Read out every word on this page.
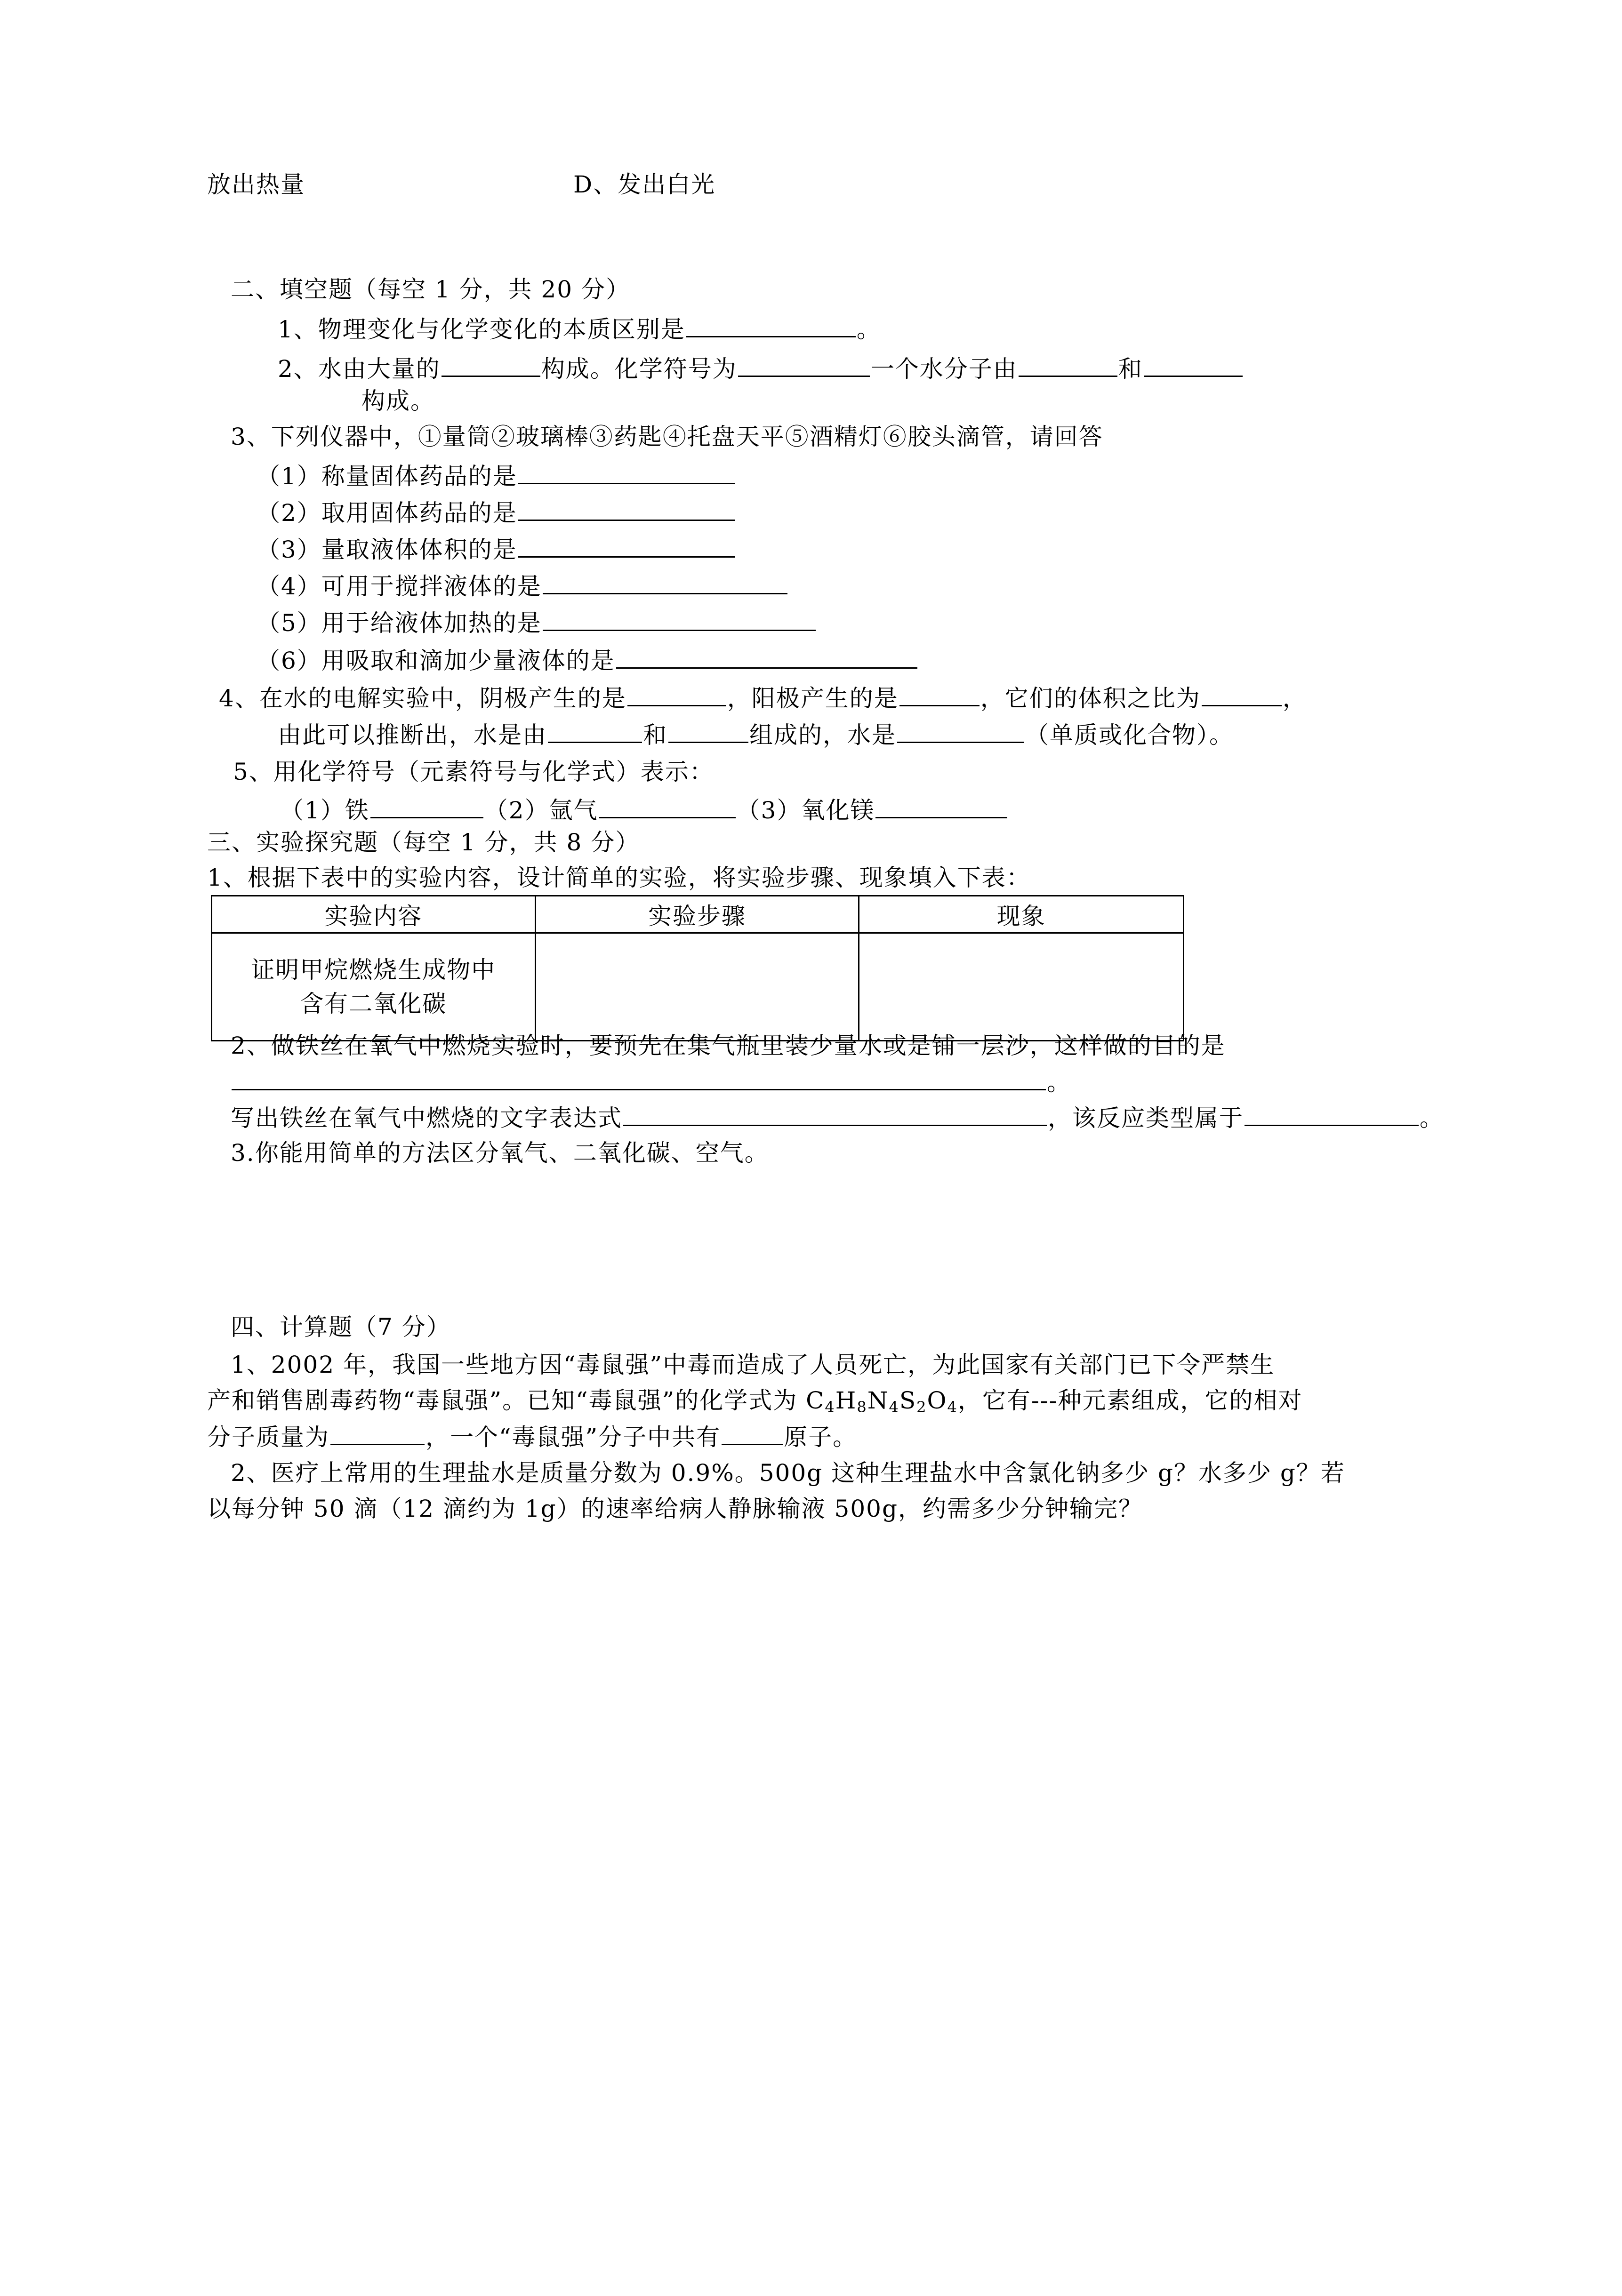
放出热量	D、发出白光
二、填空题（每空 1 分，共 20 分）
1、物理变化与化学变化的本质区别是	。
2、水由大量的	构成。化学符号为	一个水分子由	和
构成。
3、下列仪器中，①量筒②玻璃棒③药匙④托盘天平⑤酒精灯⑥胶头滴管，请回答
（1）称量固体药品的是
（2）取用固体药品的是
（3）量取液体体积的是
（4）可用于搅拌液体的是
（5）用于给液体加热的是
（6）用吸取和滴加少量液体的是
4、在水的电解实验中，阴极产生的是	，阳极产生的是	，它们的体积之比为	，
由此可以推断出，水是由	和	组成的，水是	（单质或化合物）。
5、用化学符号（元素符号与化学式）表示：
（1）铁	（2）氩气	（3）氧化镁
三、实验探究题（每空 1 分，共 8 分）
1、根据下表中的实验内容，设计简单的实验，将实验步骤、现象填入下表：
实验内容	实验步骤	现象
证明甲烷燃烧生成物中
含有二氧化碳		
2、做铁丝在氧气中燃烧实验时，要预先在集气瓶里装少量水或是铺一层沙，这样做的目的是
。
写出铁丝在氧气中燃烧的文字表达式	，该反应类型属于	。
3.你能用简单的方法区分氧气、二氧化碳、空气。
四、计算题（7 分）
1、2002 年，我国一些地方因“毒鼠强”中毒而造成了人员死亡，为此国家有关部门已下令严禁生
产和销售剧毒药物“毒鼠强”。已知“毒鼠强”的化学式为 $C_4H_8N_4S_2O_4$，它有---种元素组成，它的相对
分子质量为	，一个“毒鼠强”分子中共有	原子。
2、医疗上常用的生理盐水是质量分数为 0.9%。500g 这种生理盐水中含氯化钠多少 g？水多少 g？若
以每分钟 50 滴（12 滴约为 1g）的速率给病人静脉输液 500g，约需多少分钟输完？
